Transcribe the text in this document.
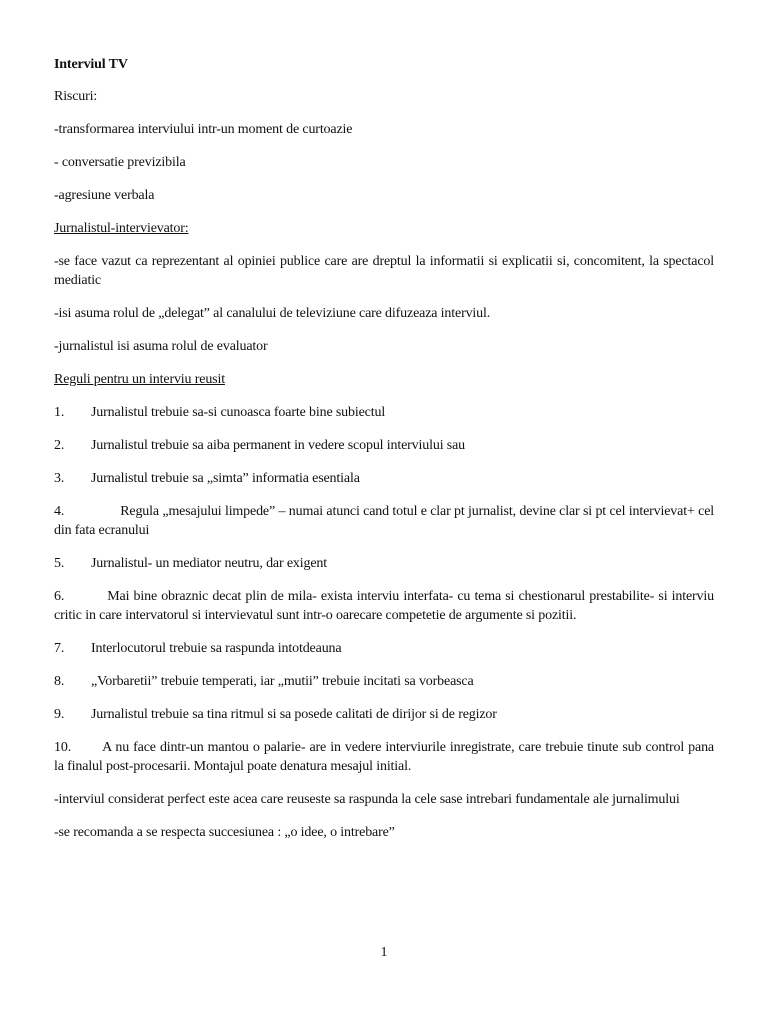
Interviul TV

Riscuri:

-transformarea interviului intr-un moment de curtoazie

- conversatie previzibila

-agresiune verbala

Jurnalistul-intervievator:

-se face vazut ca reprezentant al opiniei publice care are dreptul la informatii si explicatii si, concomitent, la spectacol mediatic

-isi asuma rolul de „delegat” al canalului de televiziune care difuzeaza interviul.

-jurnalistul isi asuma rolul de evaluator

Reguli pentru un interviu reusit

1. Jurnalistul trebuie sa-si cunoasca foarte bine subiectul

2. Jurnalistul trebuie sa aiba permanent in vedere scopul interviului sau

3. Jurnalistul trebuie sa „simta” informatia esentiala

4.	Regula „mesajului limpede” – numai atunci cand totul e clar pt jurnalist, devine clar si pt cel intervievat+ cel din fata ecranului

5. Jurnalistul- un mediator neutru, dar exigent

6.	Mai bine obraznic decat plin de mila- exista interviu interfata- cu tema si chestionarul prestabilite- si interviu critic in care intervatorul si intervievatul sunt intr-o oarecare competetie de argumente si pozitii.

7. Interlocutorul trebuie sa raspunda intotdeauna

8. „Vorbaretii” trebuie temperati, iar „mutii” trebuie incitati sa vorbeasca

9. Jurnalistul trebuie sa tina ritmul si sa posede calitati de dirijor si de regizor

10. A nu face dintr-un mantou o palarie- are in vedere interviurile inregistrate, care trebuie tinute sub control pana la finalul post-procesarii. Montajul poate denatura mesajul initial.

-interviul considerat perfect este acea care reuseste sa raspunda la cele sase intrebari fundamentale ale jurnalimului

-se recomanda a se respecta succesiunea : „o idee, o intrebare”

1
